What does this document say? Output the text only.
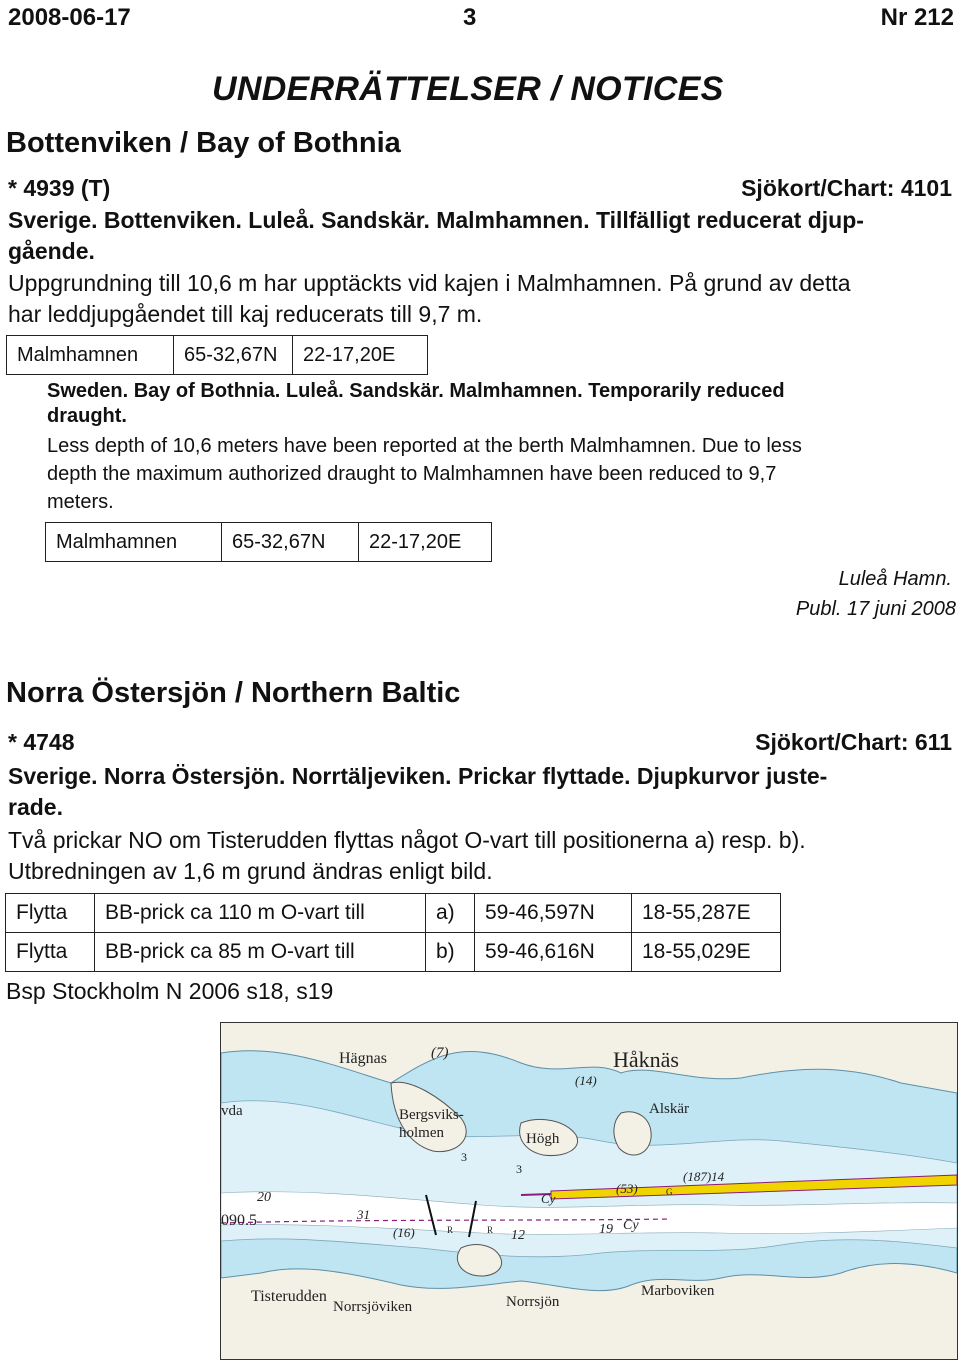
2008-06-17	3	Nr 212
UNDERRÄTTELSER / NOTICES
Bottenviken / Bay of Bothnia
* 4939 (T)	Sjökort/Chart: 4101
Sverige. Bottenviken. Luleå. Sandskär. Malmhamnen. Tillfälligt reducerat djup-
gående.
Uppgrundning till 10,6 m har upptäckts vid kajen i Malmhamnen. På grund av detta
har leddjupgåendet till kaj reducerats till 9,7 m.
Malmhamnen	65-32,67N	22-17,20E
Sweden. Bay of Bothnia. Luleå. Sandskär. Malmhamnen. Temporarily reduced
draught.
Less depth of 10,6 meters have been reported at the berth Malmhamnen. Due to less
depth the maximum authorized draught to Malmhamnen have been reduced to 9,7
meters.
Malmhamnen	65-32,67N	22-17,20E
Luleå Hamn.
Publ. 17 juni 2008
Norra Östersjön / Northern Baltic
* 4748	Sjökort/Chart: 611
Sverige. Norra Östersjön. Norrtäljeviken. Prickar flyttade. Djupkurvor juste-
rade.
Två prickar NO om Tisterudden flyttas något O-vart till positionerna a) resp. b).
Utbredningen av 1,6 m grund ändras enligt bild.
Flytta	BB-prick ca 110 m O-vart till	a)	59-46,597N	18-55,287E
Flytta	BB-prick ca 85 m O-vart till	b)	59-46,616N	18-55,029E
Bsp Stockholm N 2006 s18, s19
Hägnas	Håknäs
Bergsviks-
holmen	Högh
Alskär
Tisterudden
Norrsjöviken	Norrsjön
Marboviken
vda
(7)
(14)
3
3
(53)
(187)14
20
090.5	31
(16)	12	19
Cy
Cy
G
R	R
